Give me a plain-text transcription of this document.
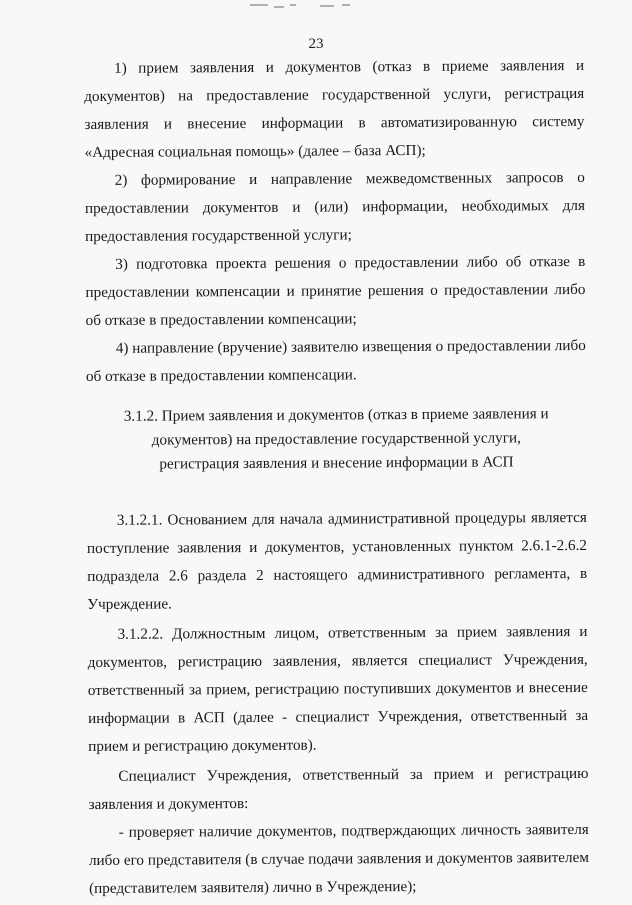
23

1) прием заявления и документов (отказ в приеме заявления и документов) на предоставление государственной услуги, регистрация заявления и внесение информации в автоматизированную систему «Адресная социальная помощь» (далее – база АСП);

2) формирование и направление межведомственных запросов о предоставлении документов и (или) информации, необходимых для предоставления государственной услуги;

3) подготовка проекта решения о предоставлении либо об отказе в предоставлении компенсации и принятие решения о предоставлении либо об отказе в предоставлении компенсации;

4) направление (вручение) заявителю извещения о предоставлении либо об отказе в предоставлении компенсации.

3.1.2. Прием заявления и документов (отказ в приеме заявления и документов) на предоставление государственной услуги, регистрация заявления и внесение информации в АСП

3.1.2.1. Основанием для начала административной процедуры является поступление заявления и документов, установленных пунктом 2.6.1-2.6.2 подраздела 2.6 раздела 2 настоящего административного регламента, в Учреждение.

3.1.2.2. Должностным лицом, ответственным за прием заявления и документов, регистрацию заявления, является специалист Учреждения, ответственный за прием, регистрацию поступивших документов и внесение информации в АСП (далее - специалист Учреждения, ответственный за прием и регистрацию документов).

Специалист Учреждения, ответственный за прием и регистрацию заявления и документов:

- проверяет наличие документов, подтверждающих личность заявителя либо его представителя (в случае подачи заявления и документов заявителем (представителем заявителя) лично в Учреждение);
